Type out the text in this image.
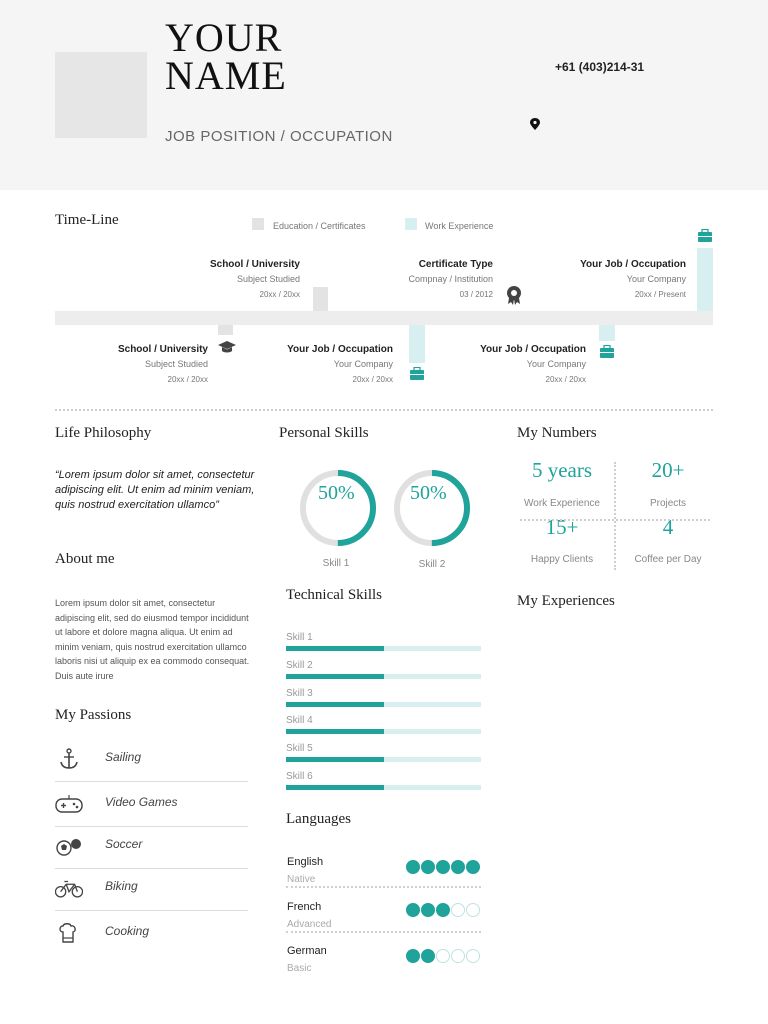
YOUR
NAME
JOB POSITION / OCCUPATION
+61 (403)214-31
Time-Line	Education / Certificates	Work Experience
School / University
Subject Studied
20xx / 20xx
Certificate Type
Compnay / Institution
03 / 2012
Your Job / Occupation
Your Company
20xx / Present
School / University
Subject Studied
20xx / 20xx
Your Job / Occupation
Your Company
20xx / 20xx
Your Job / Occupation
Your Company
20xx / 20xx
Life Philosophy
“Lorem ipsum dolor sit amet, consectetur adipiscing elit. Ut enim ad minim veniam, quis nostrud exercitation ullamco”
About me
Lorem ipsum dolor sit amet, consectetur adipiscing elit, sed do eiusmod tempor incididunt ut labore et dolore magna aliqua. Ut enim ad minim veniam, quis nostrud exercitation ullamco laboris nisi ut aliquip ex ea commodo consequat. Duis aute irure
My Passions
Sailing
Video Games
Soccer
Biking
Cooking
Personal Skills
50%
Skill 1
50%
Skill 2
Technical Skills
Skill 1
Skill 2
Skill 3
Skill 4
Skill 5
Skill 6
Languages
English
Native
French
Advanced
German
Basic
My Numbers
5 years
Work Experience
20+
Projects
15+
Happy Clients
4
Coffee per Day
My Experiences
